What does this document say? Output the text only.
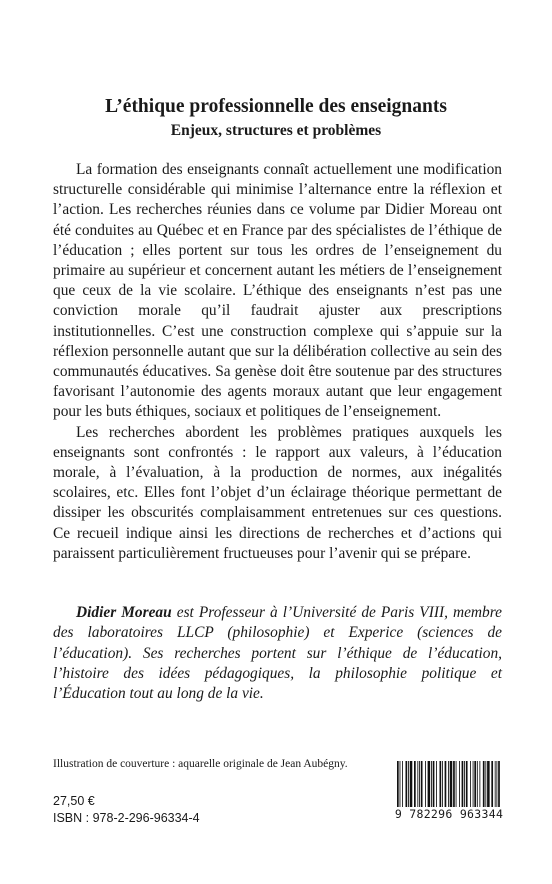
L’éthique professionnelle des enseignants
Enjeux, structures et problèmes

La formation des enseignants connaît actuellement une modification structurelle considérable qui minimise l’alternance entre la réflexion et l’action. Les recherches réunies dans ce volume par Didier Moreau ont été conduites au Québec et en France par des spécialistes de l’éthique de l’éducation ; elles portent sur tous les ordres de l’enseignement du primaire au supérieur et concernent autant les métiers de l’enseignement que ceux de la vie scolaire. L’éthique des enseignants n’est pas une conviction morale qu’il faudrait ajuster aux prescriptions institutionnelles. C’est une construction complexe qui s’appuie sur la réflexion personnelle autant que sur la délibération collective au sein des communautés éducatives. Sa genèse doit être soutenue par des structures favorisant l’autonomie des agents moraux autant que leur engagement pour les buts éthiques, sociaux et politiques de l’enseignement.

Les recherches abordent les problèmes pratiques auxquels les enseignants sont confrontés : le rapport aux valeurs, à l’éducation morale, à l’évaluation, à la production de normes, aux inégalités scolaires, etc. Elles font l’objet d’un éclairage théorique permettant de dissiper les obscurités complaisamment entretenues sur ces questions. Ce recueil indique ainsi les directions de recherches et d’actions qui paraissent particulièrement fructueuses pour l’avenir qui se prépare.

Didier Moreau est Professeur à l’Université de Paris VIII, membre des laboratoires LLCP (philosophie) et Experice (sciences de l’éducation). Ses recherches portent sur l’éthique de l’éducation, l’histoire des idées pédagogiques, la philosophie politique et l’Éducation tout au long de la vie.

Illustration de couverture : aquarelle originale de Jean Aubégny.
27,50 €
ISBN : 978-2-296-96334-4	9 782296 963344
